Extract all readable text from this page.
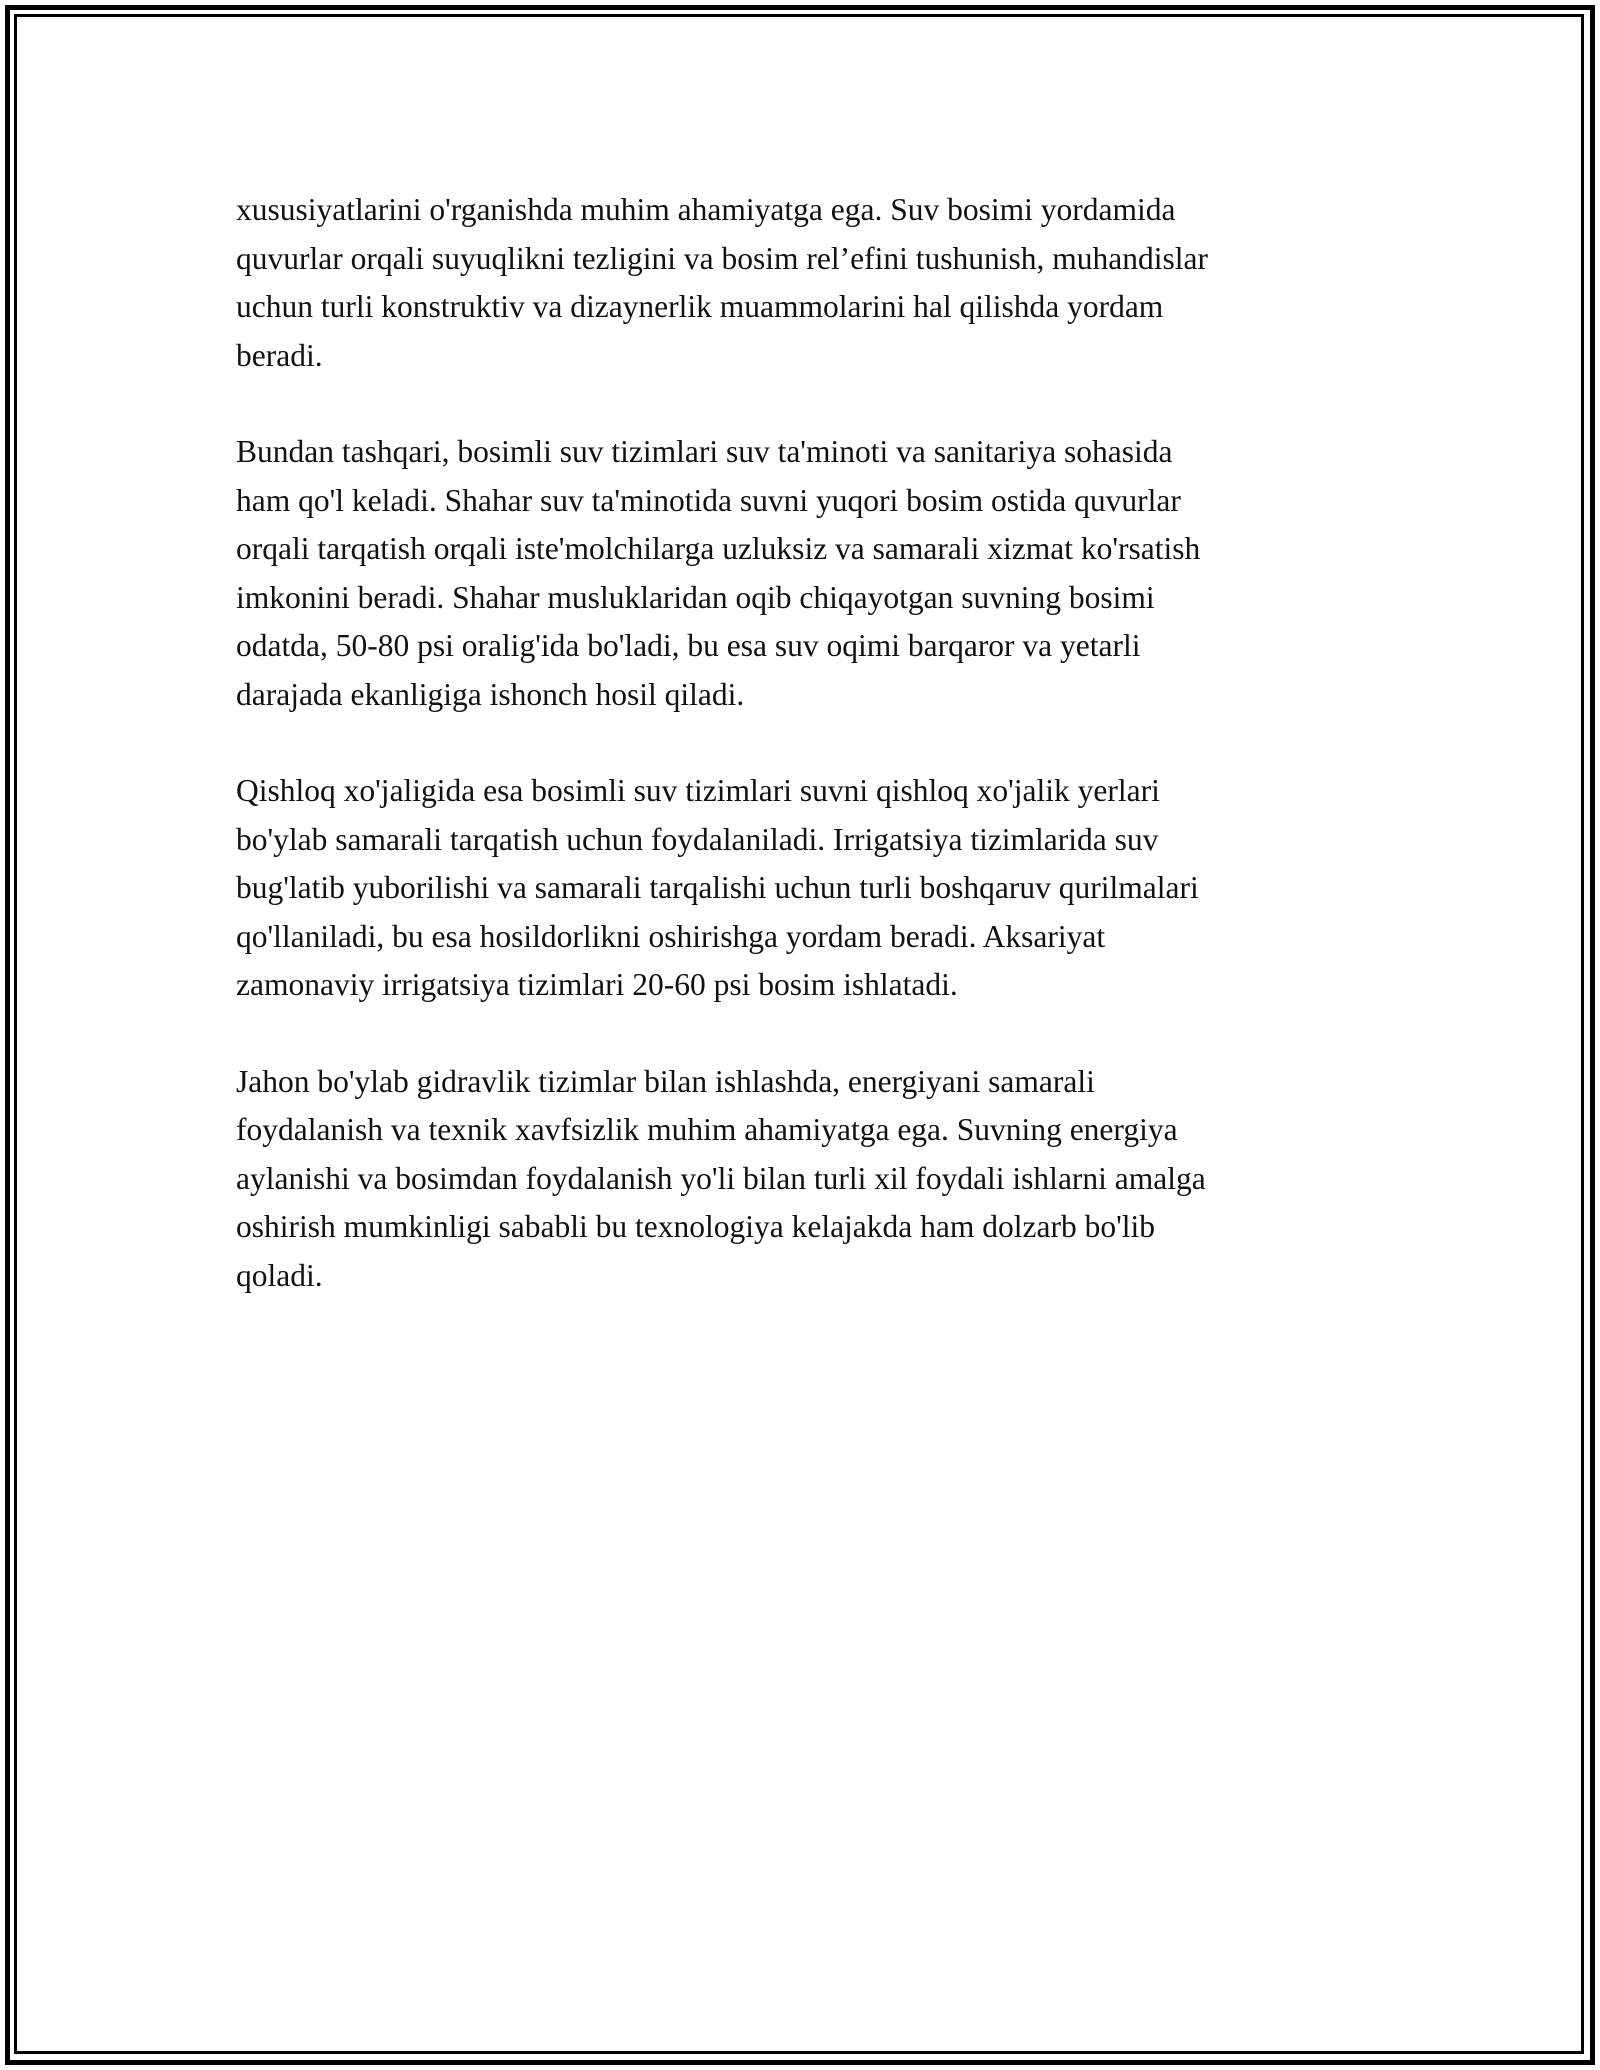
xususiyatlarini o'rganishda muhim ahamiyatga ega. Suv bosimi yordamida
quvurlar orqali suyuqlikni tezligini va bosim rel’efini tushunish, muhandislar
uchun turli konstruktiv va dizaynerlik muammolarini hal qilishda yordam
beradi.

Bundan tashqari, bosimli suv tizimlari suv ta'minoti va sanitariya sohasida
ham qo'l keladi. Shahar suv ta'minotida suvni yuqori bosim ostida quvurlar
orqali tarqatish orqali iste'molchilarga uzluksiz va samarali xizmat ko'rsatish
imkonini beradi. Shahar musluklaridan oqib chiqayotgan suvning bosimi
odatda, 50-80 psi oralig'ida bo'ladi, bu esa suv oqimi barqaror va yetarli
darajada ekanligiga ishonch hosil qiladi.

Qishloq xo'jaligida esa bosimli suv tizimlari suvni qishloq xo'jalik yerlari
bo'ylab samarali tarqatish uchun foydalaniladi. Irrigatsiya tizimlarida suv
bug'latib yuborilishi va samarali tarqalishi uchun turli boshqaruv qurilmalari
qo'llaniladi, bu esa hosildorlikni oshirishga yordam beradi. Aksariyat
zamonaviy irrigatsiya tizimlari 20-60 psi bosim ishlatadi.

Jahon bo'ylab gidravlik tizimlar bilan ishlashda, energiyani samarali
foydalanish va texnik xavfsizlik muhim ahamiyatga ega. Suvning energiya
aylanishi va bosimdan foydalanish yo'li bilan turli xil foydali ishlarni amalga
oshirish mumkinligi sababli bu texnologiya kelajakda ham dolzarb bo'lib
qoladi.
